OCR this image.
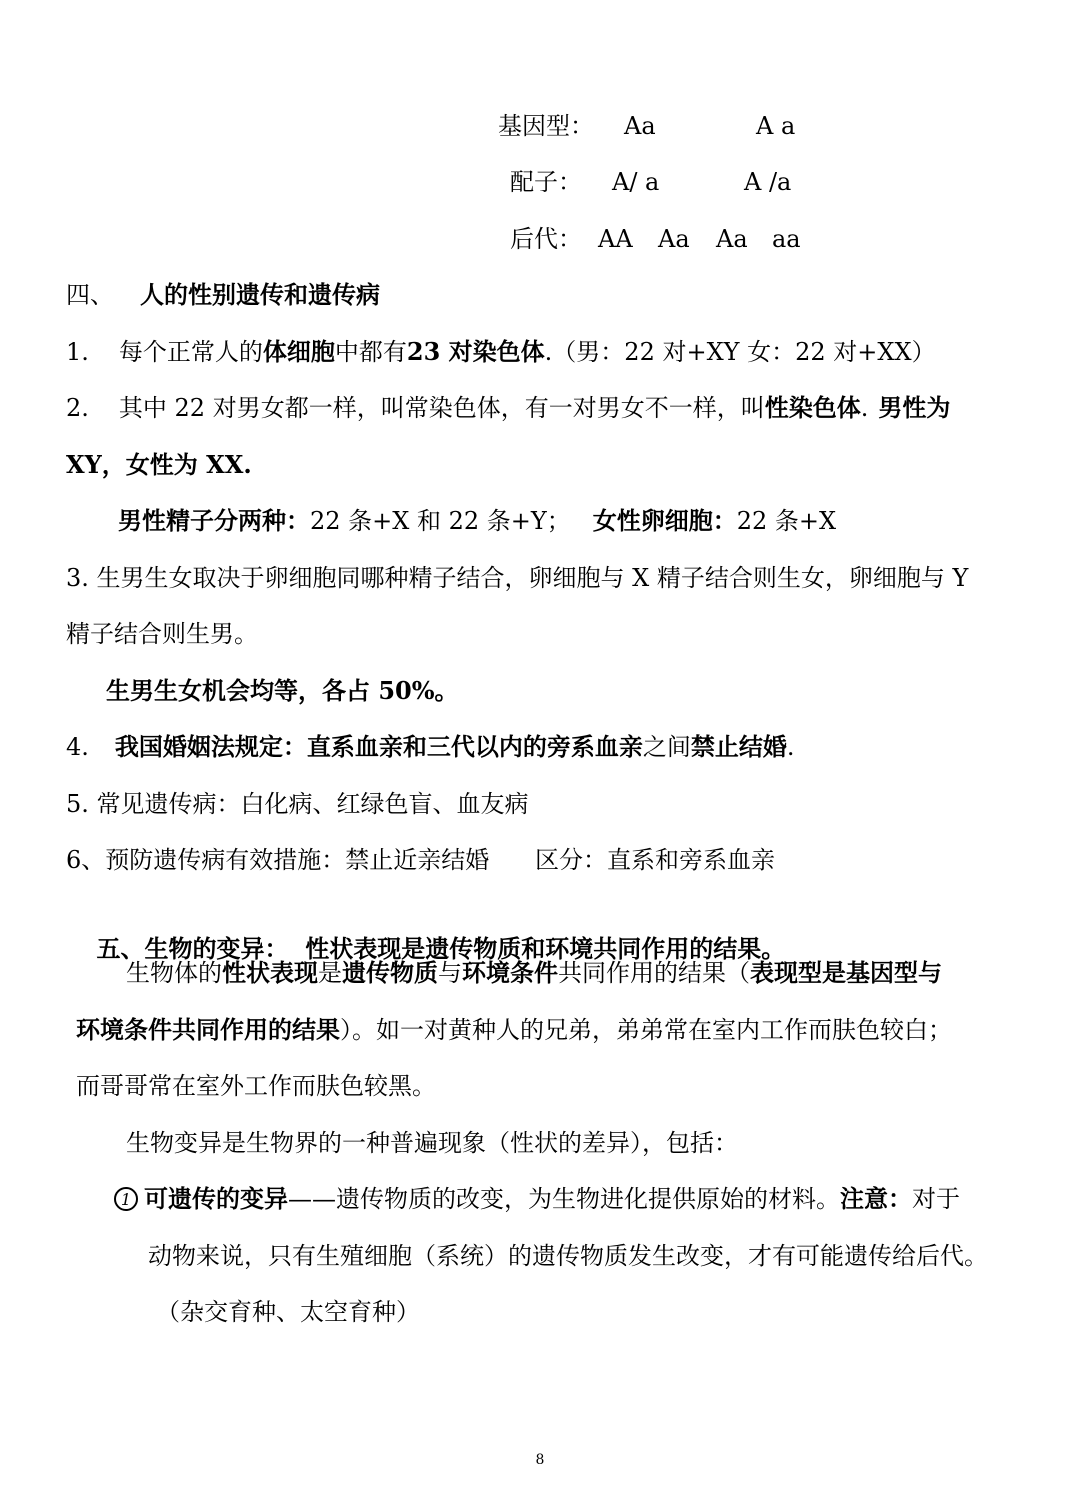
基因型： Aa	A a
配子： A/ a	A /a
后代： AA Aa Aa aa
四、 人的性别遗传和遗传病
1. 每个正常人的体细胞中都有23 对染色体.（男：22 对+XY 女：22 对+XX）
2. 其中 22 对男女都一样，叫常染色体，有一对男女不一样，叫性染色体. 男性为
XY，女性为 XX.
男性精子分两种：22 条+X 和 22 条+Y； 女性卵细胞：22 条+X
3. 生男生女取决于卵细胞同哪种精子结合，卵细胞与 X 精子结合则生女，卵细胞与 Y
精子结合则生男。
生男生女机会均等，各占 50%。
4. 我国婚姻法规定：直系血亲和三代以内的旁系血亲之间禁止结婚.
5. 常见遗传病：白化病、红绿色盲、血友病
6、预防遗传病有效措施：禁止近亲结婚      区分：直系和旁系血亲

五、生物的变异：  性状表现是遗传物质和环境共同作用的结果。

生物体的性状表现是遗传物质与环境条件共同作用的结果（表现型是基因型与
环境条件共同作用的结果）。如一对黄种人的兄弟，弟弟常在室内工作而肤色较白；
而哥哥常在室外工作而肤色较黑。
生物变异是生物界的一种普遍现象（性状的差异），包括：
1 可遗传的变异——遗传物质的改变，为生物进化提供原始的材料。注意：对于
动物来说，只有生殖细胞（系统）的遗传物质发生改变，才有可能遗传给后代。
（杂交育种、太空育种）
8
